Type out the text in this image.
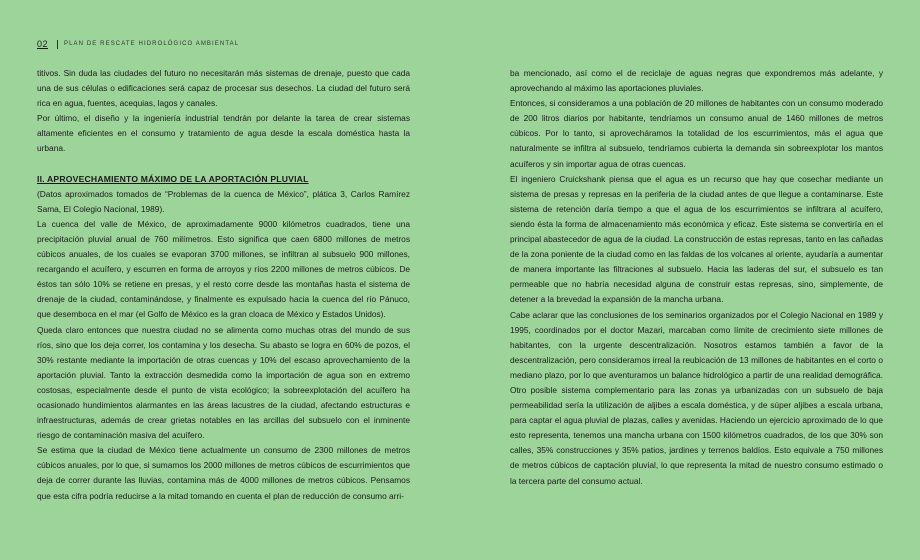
02	PLAN DE RESCATE HIDROLÓGICO AMBIENTAL

titivos. Sin duda las ciudades del futuro no necesitarán más sistemas de drenaje, puesto que cada una de sus células o edificaciones será capaz de procesar sus desechos. La ciudad del futuro será rica en agua, fuentes, acequias, lagos y canales.

Por último, el diseño y la ingeniería industrial tendrán por delante la tarea de crear sistemas altamente eficientes en el consumo y tratamiento de agua desde la escala doméstica hasta la urbana.

II. APROVECHAMIENTO MÁXIMO DE LA APORTACIÓN PLUVIAL

(Datos aproximados tomados de “Problemas de la cuenca de México”, plática 3, Carlos Ramírez Sama, El Colegio Nacional, 1989).

La cuenca del valle de México, de aproximadamente 9000 kilómetros cuadrados, tiene una precipitación pluvial anual de 760 milímetros. Esto significa que caen 6800 millones de metros cúbicos anuales, de los cuales se evaporan 3700 millones, se infiltran al subsuelo 900 millones, recargando el acuífero, y escurren en forma de arroyos y ríos 2200 millones de metros cúbicos. De éstos tan sólo 10% se retiene en presas, y el resto corre desde las montañas hasta el sistema de drenaje de la ciudad, contaminándose, y finalmente es expulsado hacia la cuenca del río Pánuco, que desemboca en el mar (el Golfo de México es la gran cloaca de México y Estados Unidos).

Queda claro entonces que nuestra ciudad no se alimenta como muchas otras del mundo de sus ríos, sino que los deja correr, los contamina y los desecha. Su abasto se logra en 60% de pozos, el 30% restante mediante la importación de otras cuencas y 10% del escaso aprovechamiento de la aportación pluvial. Tanto la extracción desmedida como la importación de agua son en extremo costosas, especialmente desde el punto de vista ecológico; la sobreexplotación del acuífero ha ocasionado hundimientos alarmantes en las áreas lacustres de la ciudad, afectando estructuras e infraestructuras, además de crear grietas notables en las arcillas del subsuelo con el inminente riesgo de contaminación masiva del acuífero.

Se estima que la ciudad de México tiene actualmente un consumo de 2300 millones de metros cúbicos anuales, por lo que, si sumamos los 2000 millones de metros cúbicos de escurrimientos que deja de correr durante las lluvias, contamina más de 4000 millones de metros cúbicos. Pensamos que esta cifra podría reducirse a la mitad tomando en cuenta el plan de reducción de consumo arri-

ba mencionado, así como el de reciclaje de aguas negras que expondremos más adelante, y aprovechando al máximo las aportaciones pluviales.

Entonces, si consideramos a una población de 20 millones de habitantes con un consumo moderado de 200 litros diarios por habitante, tendríamos un consumo anual de 1460 millones de metros cúbicos. Por lo tanto, si aprovecháramos la totalidad de los escurrimientos, más el agua que naturalmente se infiltra al subsuelo, tendríamos cubierta la demanda sin sobreexplotar los mantos acuíferos y sin importar agua de otras cuencas.

El ingeniero Cruickshank piensa que el agua es un recurso que hay que cosechar mediante un sistema de presas y represas en la periferia de la ciudad antes de que llegue a contaminarse. Este sistema de retención daría tiempo a que el agua de los escurrimientos se infiltrara al acuífero, siendo ésta la forma de almacenamiento más económica y eficaz. Este sistema se convertiría en el principal abastecedor de agua de la ciudad. La construcción de estas represas, tanto en las cañadas de la zona poniente de la ciudad como en las faldas de los volcanes al oriente, ayudaría a aumentar de manera importante las filtraciones al subsuelo. Hacia las laderas del sur, el subsuelo es tan permeable que no habría necesidad alguna de construir estas represas, sino, simplemente, de detener a la brevedad la expansión de la mancha urbana.

Cabe aclarar que las conclusiones de los seminarios organizados por el Colegio Nacional en 1989 y 1995, coordinados por el doctor Mazari, marcaban como límite de crecimiento siete millones de habitantes, con la urgente descentralización. Nosotros estamos también a favor de la descentralización, pero consideramos irreal la reubicación de 13 millones de habitantes en el corto o mediano plazo, por lo que aventuramos un balance hidrológico a partir de una realidad demográfica. Otro posible sistema complementario para las zonas ya urbanizadas con un subsuelo de baja permeabilidad sería la utilización de aljibes a escala doméstica, y de súper aljibes a escala urbana, para captar el agua pluvial de plazas, calles y avenidas. Haciendo un ejercicio aproximado de lo que esto representa, tenemos una mancha urbana con 1500 kilómetros cuadrados, de los que 30% son calles, 35% construcciones y 35% patios, jardines y terrenos baldíos. Esto equivale a 750 millones de metros cúbicos de captación pluvial, lo que representa la mitad de nuestro consumo estimado o la tercera parte del consumo actual.
